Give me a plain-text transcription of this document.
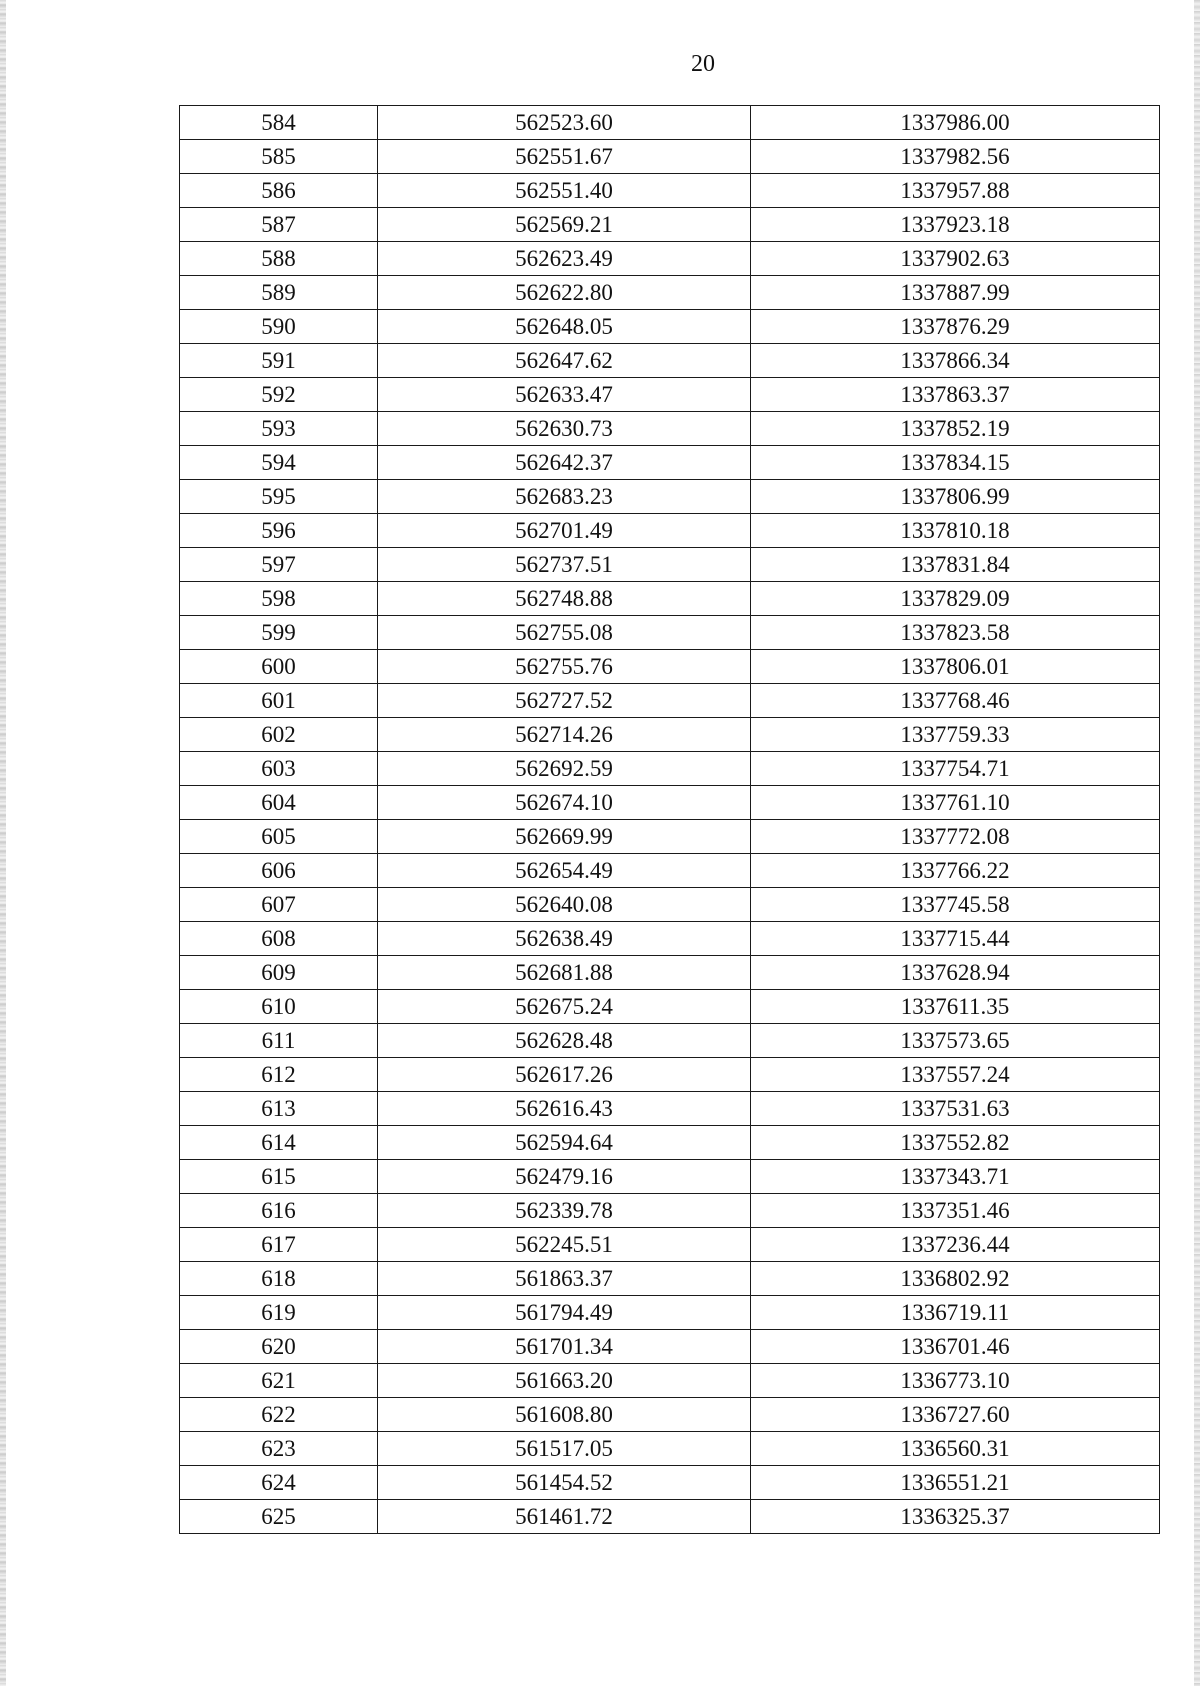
20
584	562523.60	1337986.00
585	562551.67	1337982.56
586	562551.40	1337957.88
587	562569.21	1337923.18
588	562623.49	1337902.63
589	562622.80	1337887.99
590	562648.05	1337876.29
591	562647.62	1337866.34
592	562633.47	1337863.37
593	562630.73	1337852.19
594	562642.37	1337834.15
595	562683.23	1337806.99
596	562701.49	1337810.18
597	562737.51	1337831.84
598	562748.88	1337829.09
599	562755.08	1337823.58
600	562755.76	1337806.01
601	562727.52	1337768.46
602	562714.26	1337759.33
603	562692.59	1337754.71
604	562674.10	1337761.10
605	562669.99	1337772.08
606	562654.49	1337766.22
607	562640.08	1337745.58
608	562638.49	1337715.44
609	562681.88	1337628.94
610	562675.24	1337611.35
611	562628.48	1337573.65
612	562617.26	1337557.24
613	562616.43	1337531.63
614	562594.64	1337552.82
615	562479.16	1337343.71
616	562339.78	1337351.46
617	562245.51	1337236.44
618	561863.37	1336802.92
619	561794.49	1336719.11
620	561701.34	1336701.46
621	561663.20	1336773.10
622	561608.80	1336727.60
623	561517.05	1336560.31
624	561454.52	1336551.21
625	561461.72	1336325.37
